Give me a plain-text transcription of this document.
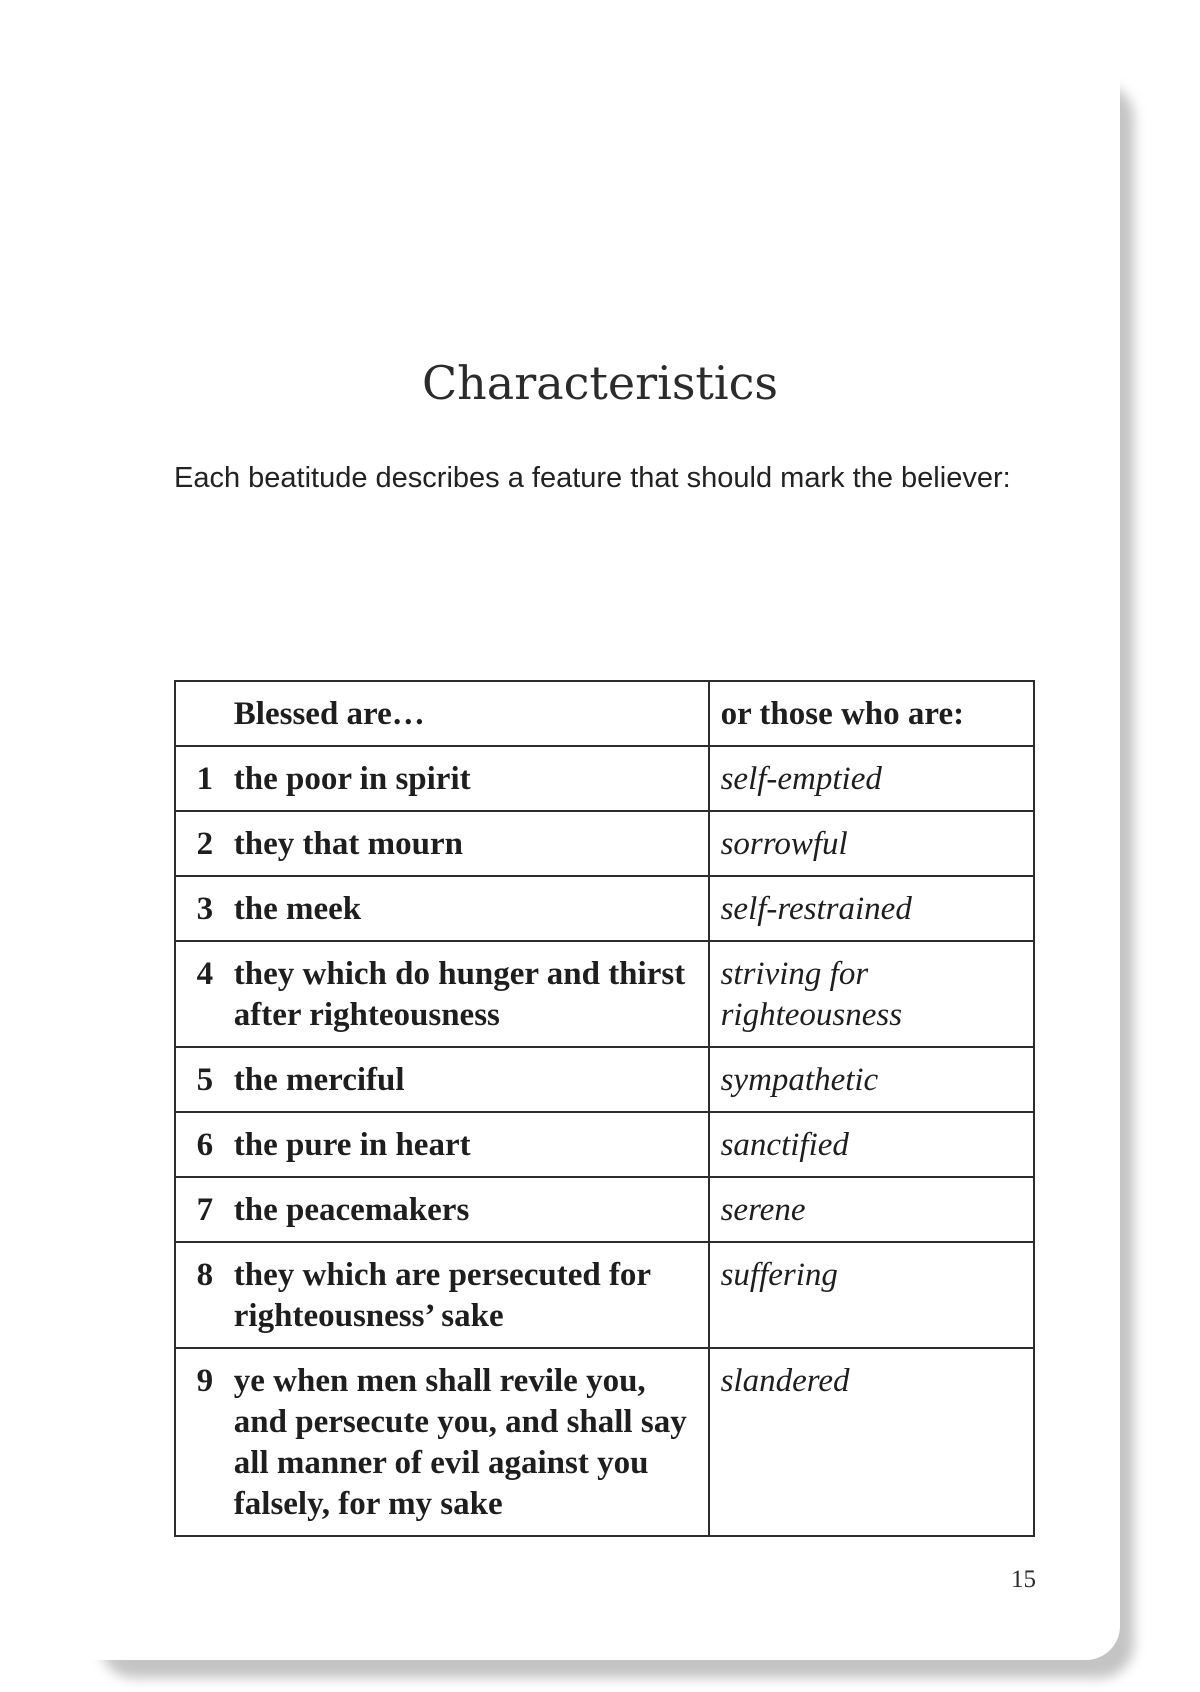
Characteristics

Each beatitude describes a feature that should mark the believer:

	Blessed are…	or those who are:
1	the poor in spirit	self-emptied
2	they that mourn	sorrowful
3	the meek	self-restrained
4	they which do hunger and thirst after righteousness	striving for righteousness
5	the merciful	sympathetic
6	the pure in heart	sanctified
7	the peacemakers	serene
8	they which are persecuted for righteousness’ sake	suffering
9	ye when men shall revile you, and persecute you, and shall say all manner of evil against you falsely, for my sake	slandered

15
